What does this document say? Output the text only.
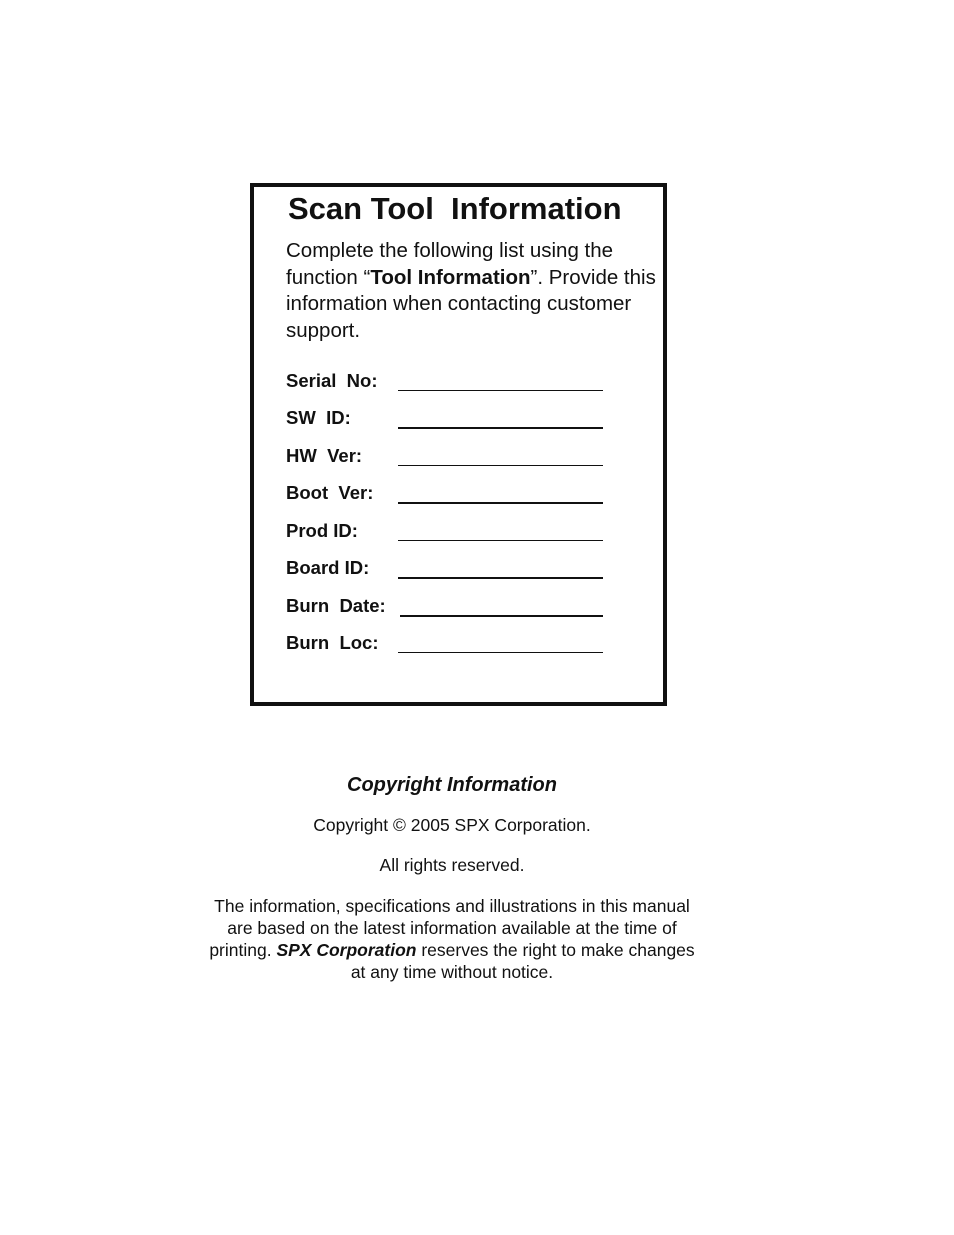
Scan Tool  Information

Complete the following list using the function “Tool Information”. Provide this information when contacting customer support.

Serial  No:
SW  ID:
HW  Ver:
Boot  Ver:
Prod ID:
Board ID:
Burn  Date:
Burn  Loc:
Copyright Information

Copyright © 2005 SPX Corporation.

All rights reserved.

The information, specifications and illustrations in this manual are based on the latest information available at the time of printing. SPX Corporation reserves the right to make changes at any time without notice.
